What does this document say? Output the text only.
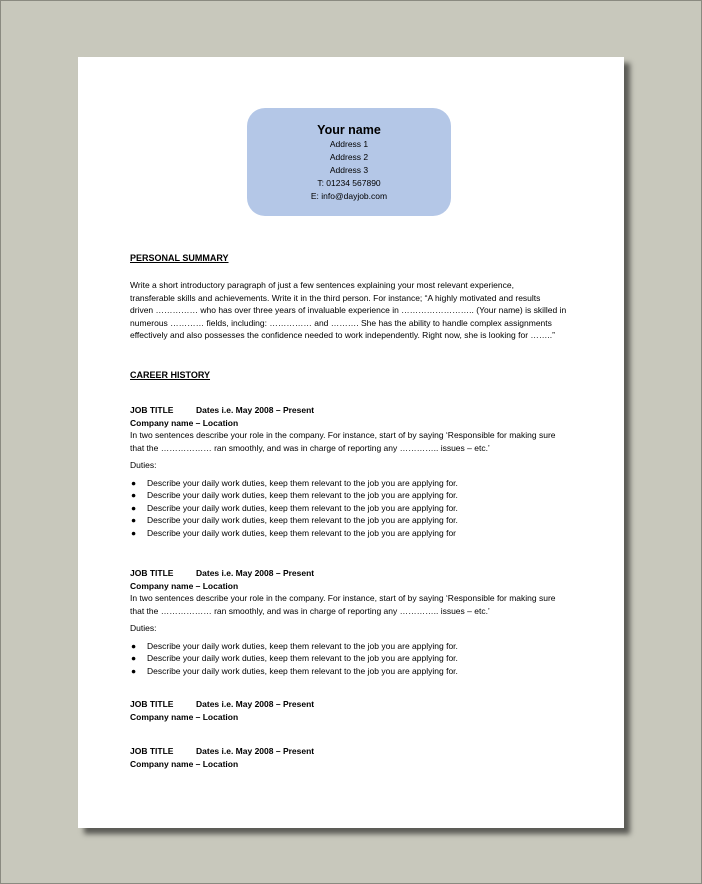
Your name
Address 1
Address 2
Address 3
T: 01234 567890
E: info@dayjob.com
PERSONAL SUMMARY
Write a short introductory paragraph of just a few sentences explaining your most relevant experience,
transferable skills and achievements. Write it in the third person. For instance; “A highly motivated and results
driven …………… who has over three years of invaluable experience in …………………….. (Your name) is skilled in
numerous ………… fields, including: …………… and ………. She has the ability to handle complex assignments
effectively and also possesses the confidence needed to work independently. Right now, she is looking for ……..”
CAREER HISTORY
JOB TITLE	Dates i.e. May 2008 – Present
Company name – Location
In two sentences describe your role in the company. For instance, start of by saying ‘Responsible for making sure
that the ……………… ran smoothly, and was in charge of reporting any ………….. issues – etc.’
Duties:
● Describe your daily work duties, keep them relevant to the job you are applying for.
● Describe your daily work duties, keep them relevant to the job you are applying for.
● Describe your daily work duties, keep them relevant to the job you are applying for.
● Describe your daily work duties, keep them relevant to the job you are applying for.
● Describe your daily work duties, keep them relevant to the job you are applying for
JOB TITLE	Dates i.e. May 2008 – Present
Company name – Location
In two sentences describe your role in the company. For instance, start of by saying ‘Responsible for making sure
that the ……………… ran smoothly, and was in charge of reporting any ………….. issues – etc.’
Duties:
● Describe your daily work duties, keep them relevant to the job you are applying for.
● Describe your daily work duties, keep them relevant to the job you are applying for.
● Describe your daily work duties, keep them relevant to the job you are applying for.
JOB TITLE	Dates i.e. May 2008 – Present
Company name – Location
JOB TITLE	Dates i.e. May 2008 – Present
Company name – Location
